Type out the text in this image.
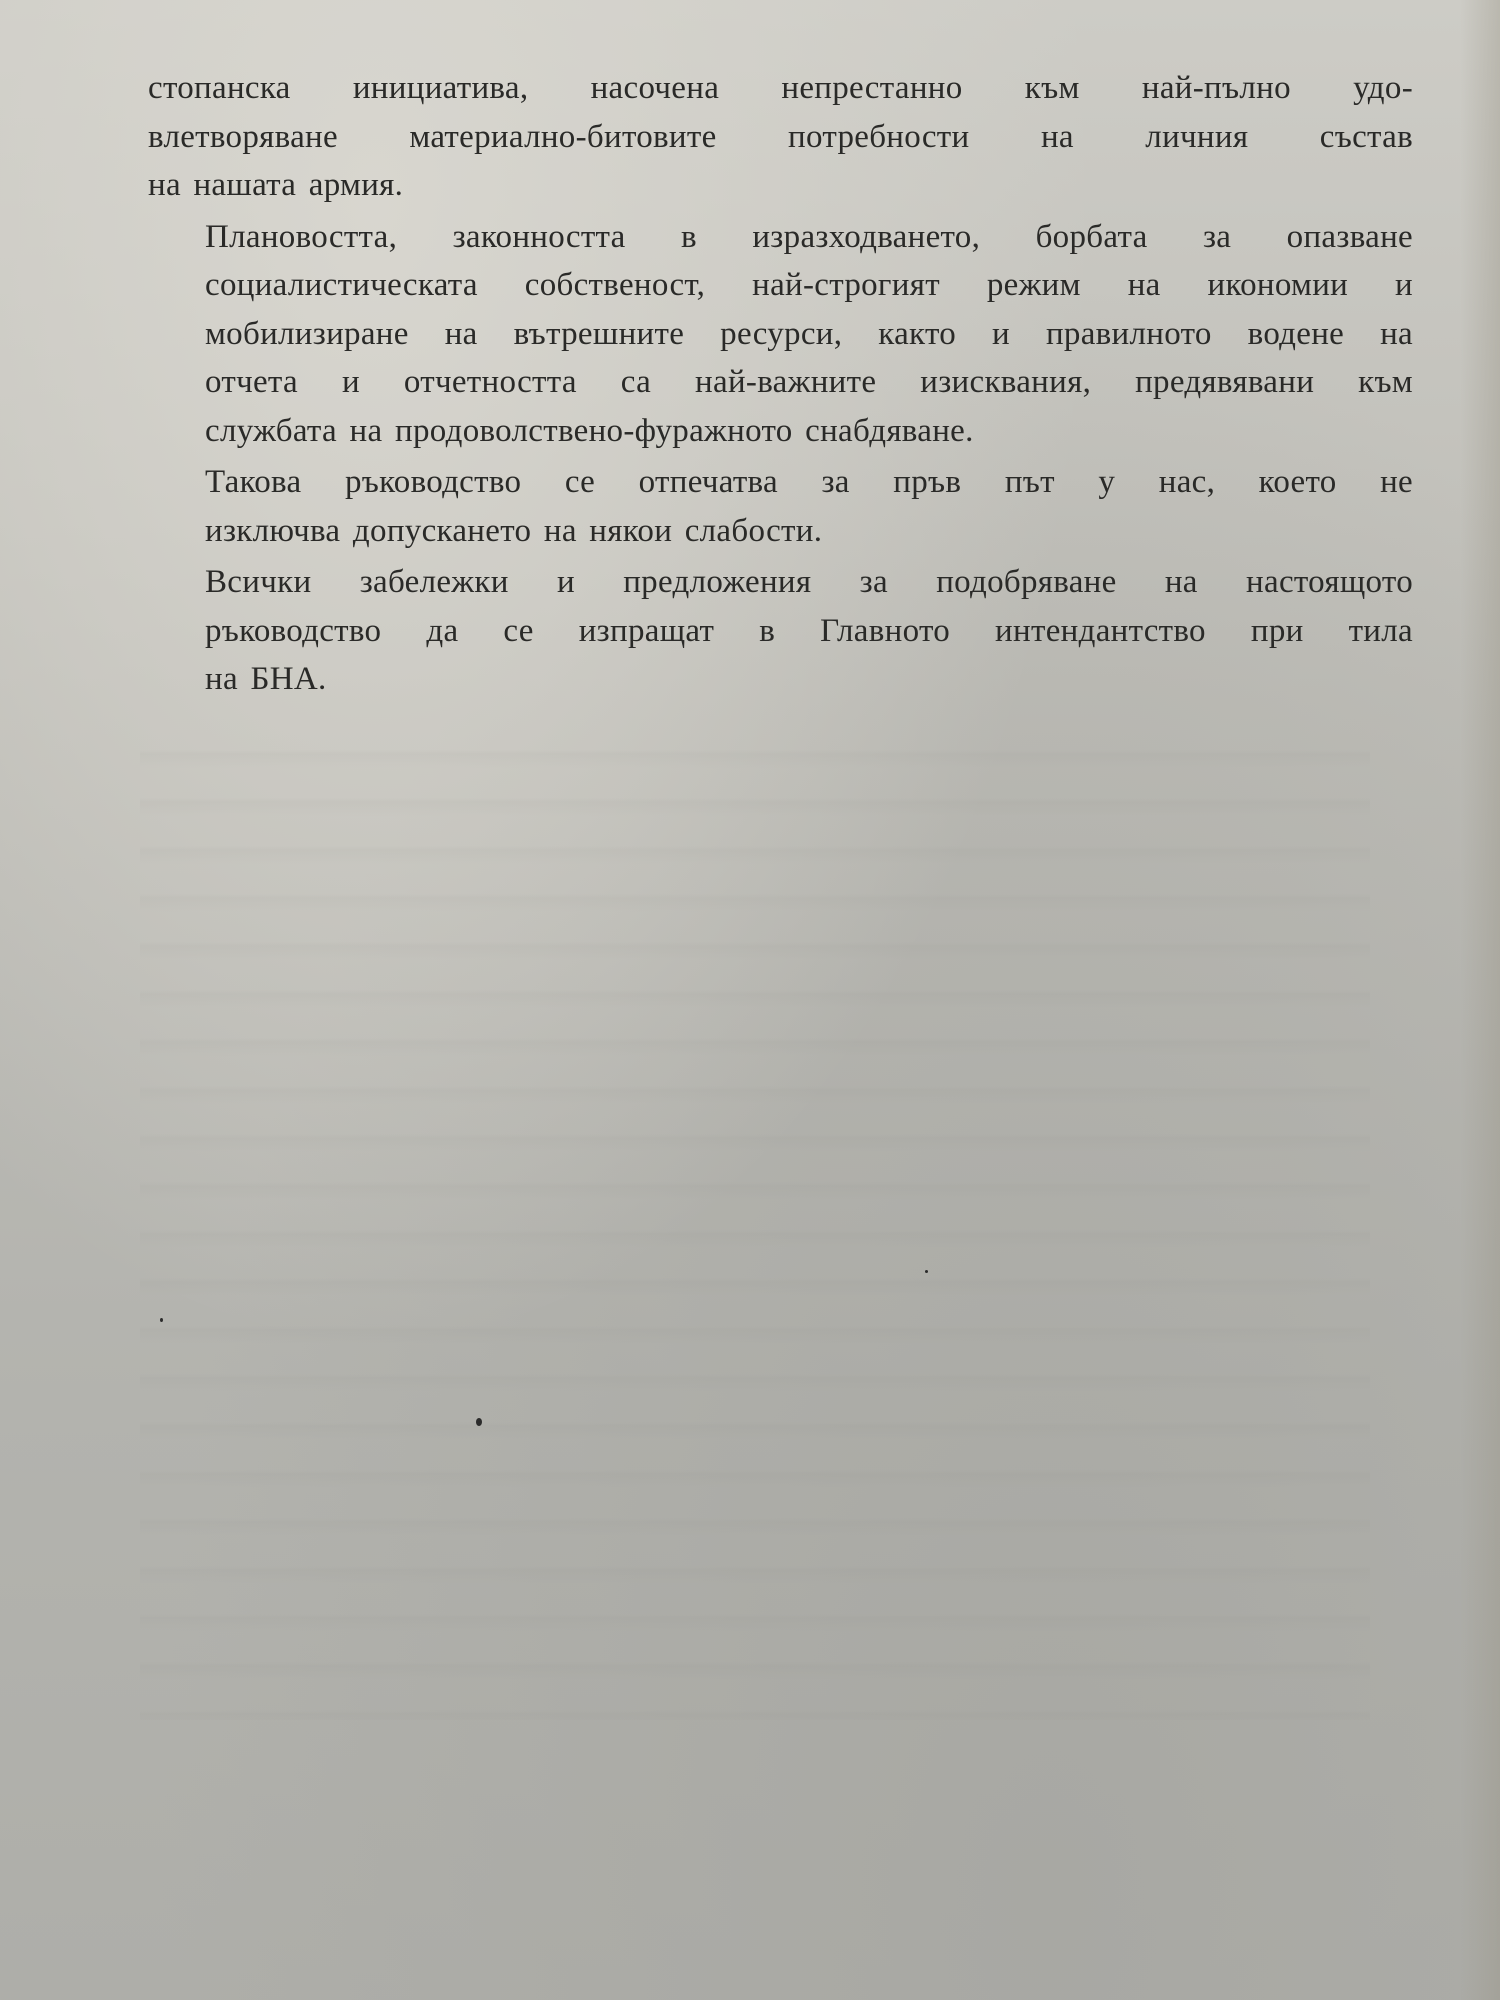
стопанска инициатива, насочена непрестанно към най-пълно удо-
влетворяване материално-битовите потребности на личния състав
на нашата армия.

Плановостта, законността в изразходването, борбата за опазване
социалистическата собственост, най-строгият режим на икономии и
мобилизиране на вътрешните ресурси, както и правилното водене на
отчета и отчетността са най-важните изисквания, предявявани към
службата на продоволствено-фуражното снабдяване.

Такова ръководство се отпечатва за пръв път у нас, което не
изключва допускането на някои слабости.

Всички забележки и предложения за подобряване на настоящото
ръководство да се изпращат в Главното интендантство при тила
на БНА.
